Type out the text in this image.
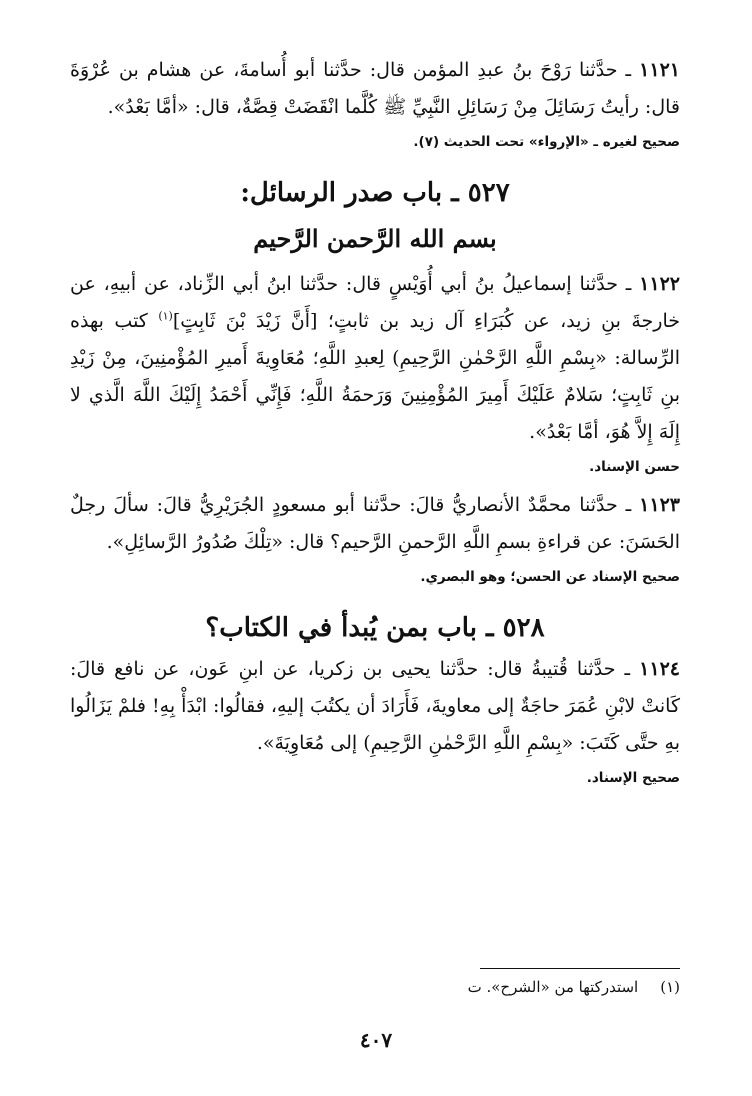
١١٢١ ـ حدَّثنا رَوْحَ بنُ عبدِ المؤمن قال: حدَّثنا أبو أُسامةَ، عن هشام بن عُرْوَةَ قال: رأيتُ رَسَائِلَ مِنْ رَسَائِلِ النَّبِيِّ ﷺ كُلَّما انْقَضَتْ قِصَّةٌ، قال: «أمَّا بَعْدُ».

صحيح لغيره ـ «الإرواء» تحت الحديث (٧).

٥٢٧ ـ باب صدر الرسائل:
بسم الله الرَّحمن الرَّحيم

١١٢٢ ـ حدَّثنا إسماعيلُ بنُ أبي أُوَيْسٍ قال: حدَّثنا ابنُ أبي الزِّناد، عن أبيهِ، عن خارجةَ بنِ زيد، عن كُبَرَاءِ آل زيد بن ثابتٍ؛ [أَنَّ زَيْدَ بْنَ ثَابِتٍ]$^{(١)}$ كتب بهذه الرِّسالة: «بِسْمِ اللَّهِ الرَّحْمٰنِ الرَّحِيمِ) لِعبدِ اللَّهِ؛ مُعَاوِيةَ أَميرِ المُؤْمنِينَ، مِنْ زَيْدِ بنِ ثَابِتٍ؛ سَلامٌ عَلَيْكَ أَمِيرَ المُؤْمِنِينَ وَرَحمَةُ اللَّهِ؛ فَإِنِّي أَحْمَدُ إِلَيْكَ اللَّهَ الَّذي لا إِلَهَ إِلاَّ هُوَ، أمَّا بَعْدُ».

حسن الإسناد.

١١٢٣ ـ حدَّثنا محمَّدٌ الأنصاريُّ قالَ: حدَّثنا أبو مسعودٍ الجُرَيْرِيُّ قالَ: سألَ رجلٌ الحَسَنَ: عن قراءةِ بسمِ اللَّهِ الرَّحمنِ الرَّحيم؟ قال: «تِلْكَ صُدُورُ الرَّسائِلِ».

صحيح الإسناد عن الحسن؛ وهو البصري.

٥٢٨ ـ باب بمن يُبدأ في الكتاب؟

١١٢٤ ـ حدَّثنا قُتيبةُ قال: حدَّثنا يحيى بن زكريا، عن ابنِ عَون، عن نافع قالَ: كَانتْ لابْنِ عُمَرَ حاجَةٌ إلى معاويةَ، فَأَرَادَ أن يكتُبَ إليهِ، فقالُوا: ابْدَأْ بِهِ! فلمْ يَزَالُوا بهِ حتَّى كَتَبَ: «بِسْمِ اللَّهِ الرَّحْمٰنِ الرَّحِيمِ) إلى مُعَاوِيَةَ».

صحيح الإسناد.

(١)استدركتها من «الشرح». ت

٤٠٧
